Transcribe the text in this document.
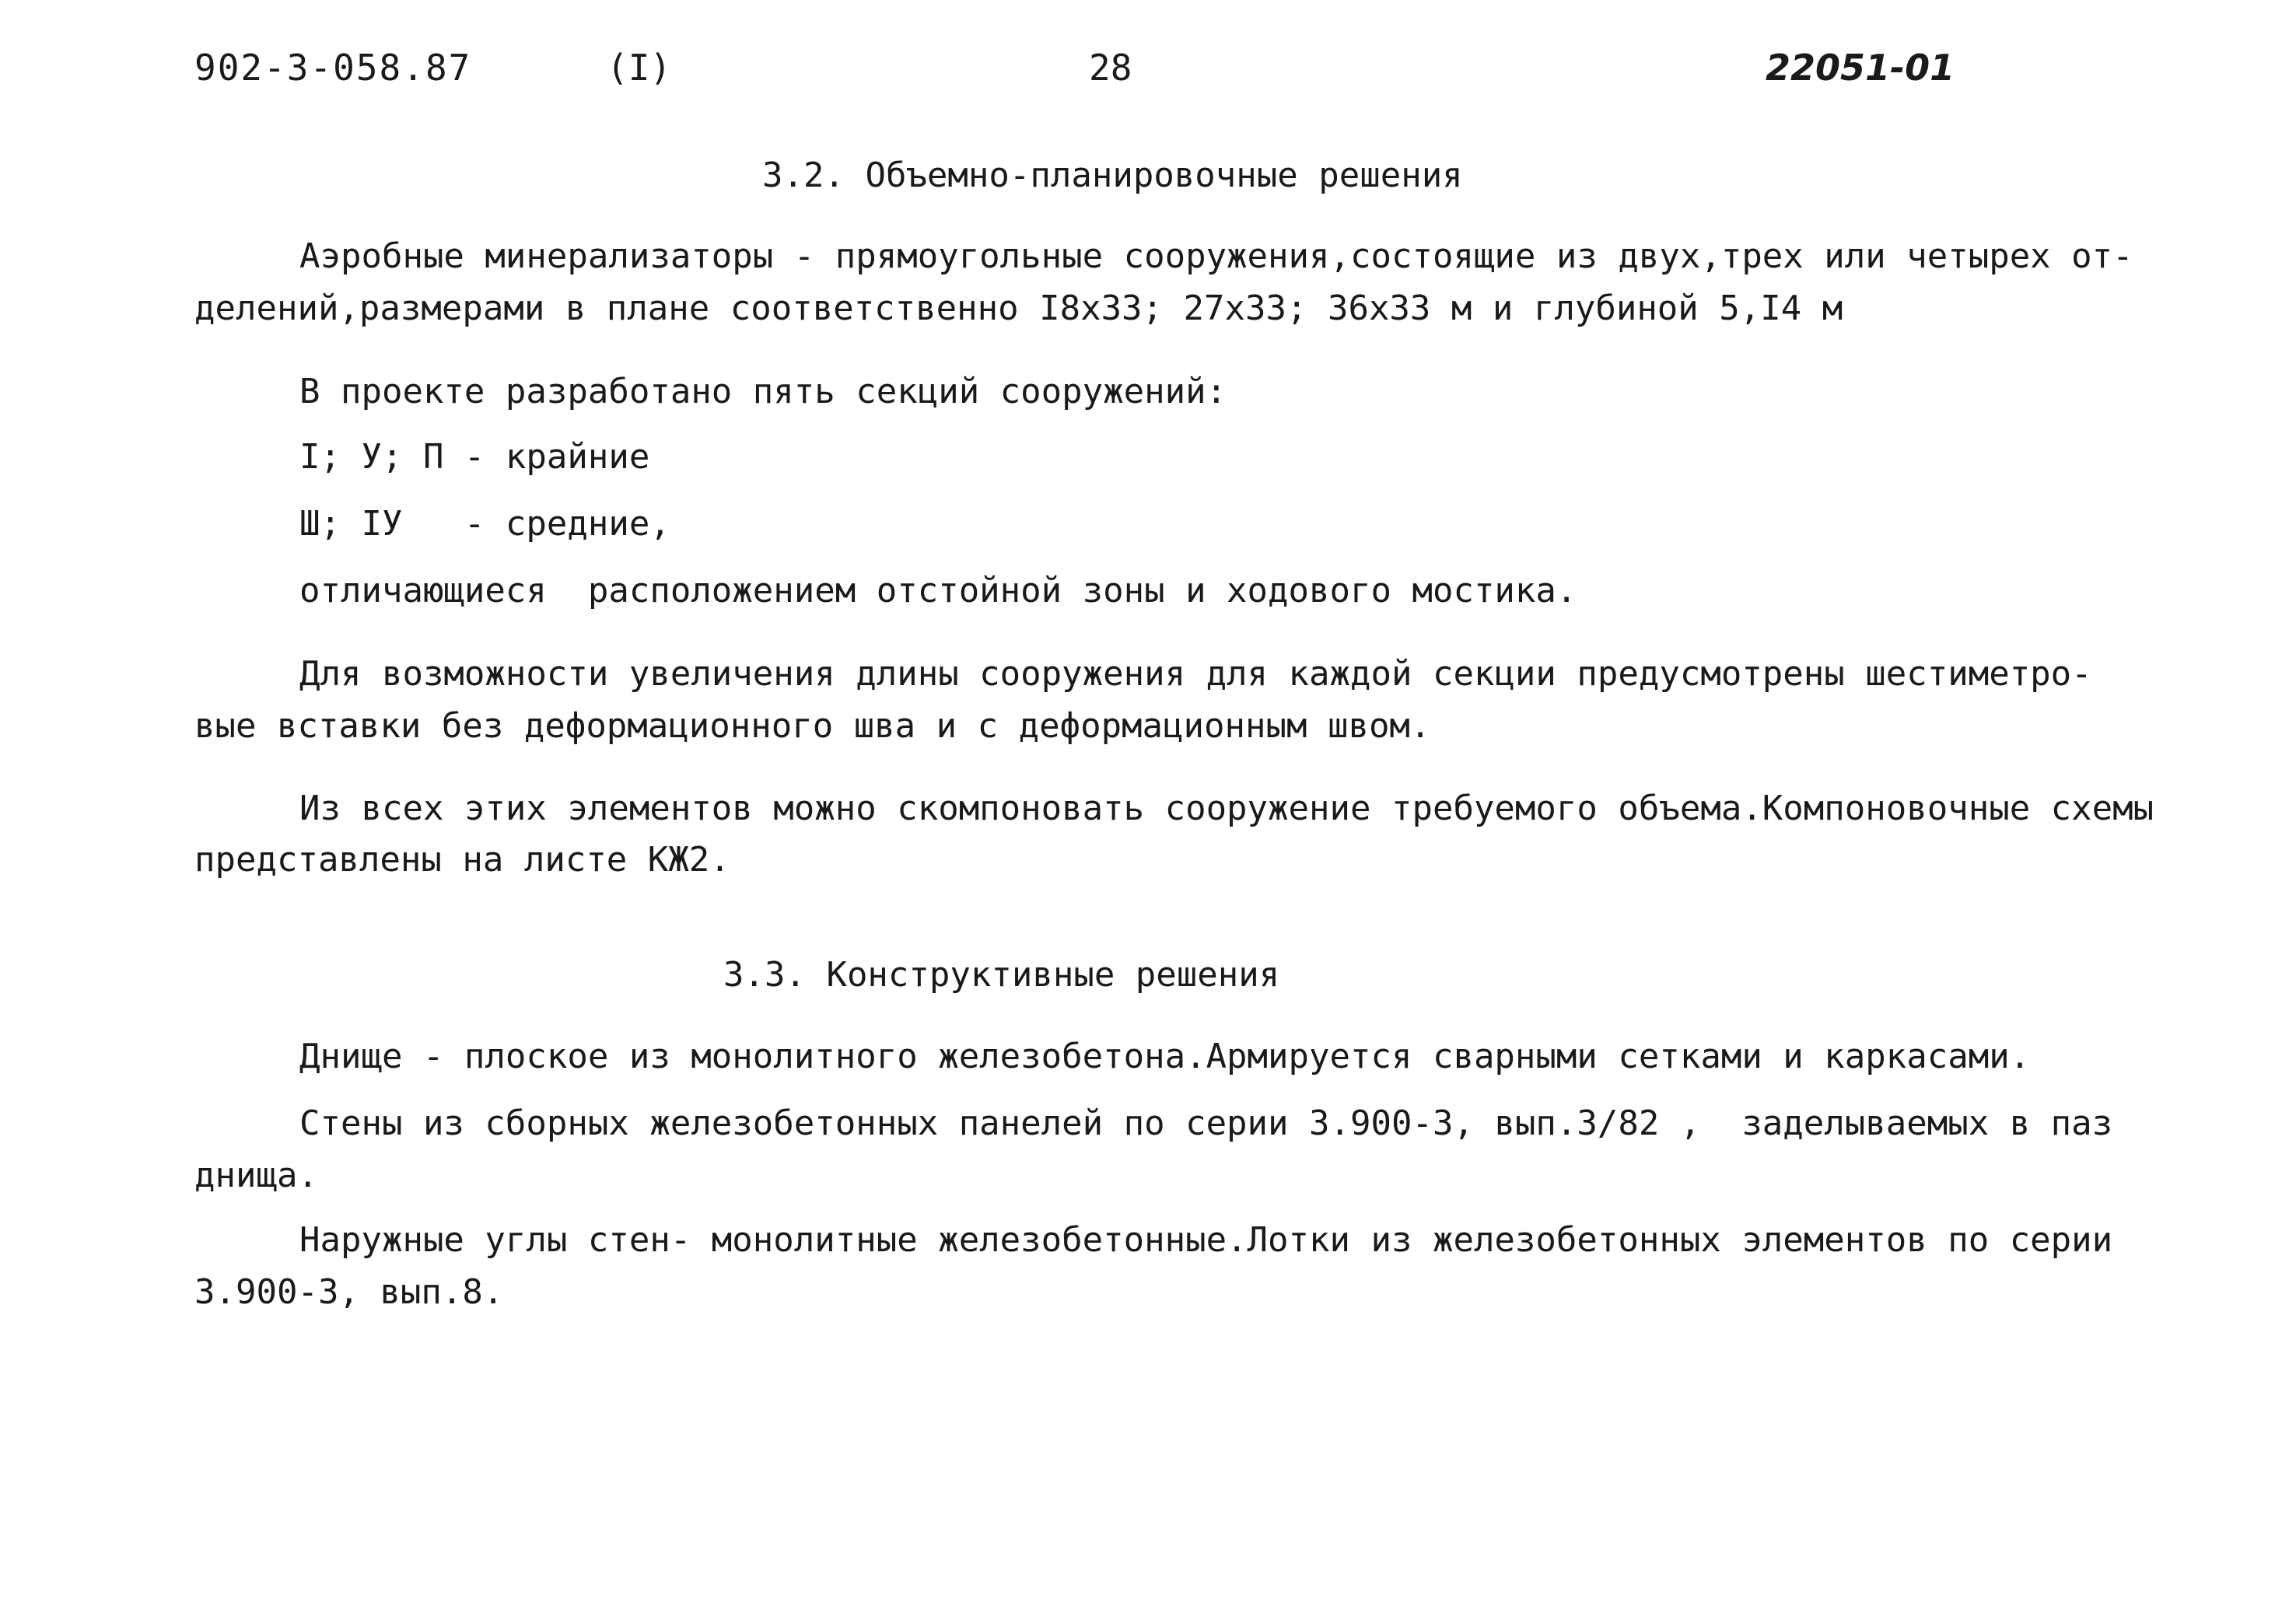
902-3-058.87	(I)	28	22051-01
3.2. Объемно-планировочные решения
Аэробные минерализаторы - прямоугольные сооружения,состоящие из двух,трех или четырех от-
делений,размерами в плане соответственно I8x33; 27x33; 36x33 м и глубиной 5,I4 м
В проекте разработано пять секций сооружений:
I; У; П - крайние
Ш; IУ   - средние,
отличающиеся  расположением отстойной зоны и ходового мостика.
Для возможности увеличения длины сооружения для каждой секции предусмотрены шестиметро-
вые вставки без деформационного шва и с деформационным швом.
Из всех этих элементов можно скомпоновать сооружение требуемого объема.Компоновочные схемы
представлены на листе КЖ2.
3.3. Конструктивные решения
Днище - плоское из монолитного железобетона.Армируется сварными сетками и каркасами.
Стены из сборных железобетонных панелей по серии 3.900-3, вып.3/82 ,  заделываемых в паз
днища.
Наружные углы стен- монолитные железобетонные.Лотки из железобетонных элементов по серии
3.900-3, вып.8.
